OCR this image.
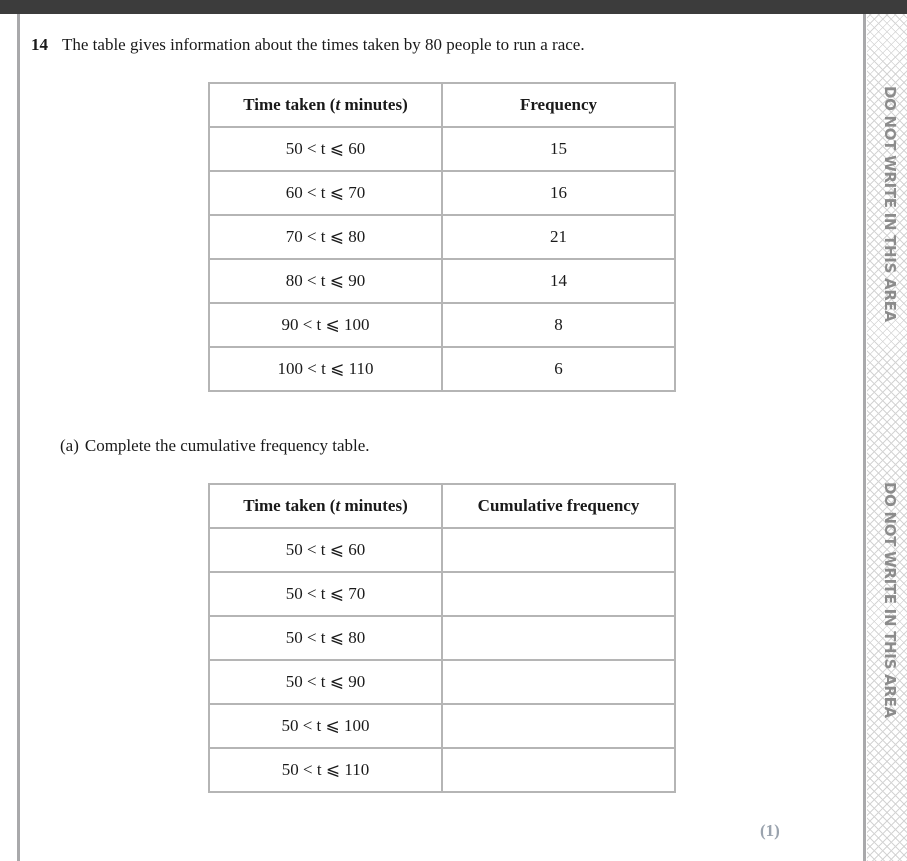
DO NOT WRITE IN THIS AREA
DO NOT WRITE IN THIS AREA
14 The table gives information about the times taken by 80 people to run a race.
Time taken (t minutes)	Frequency
50 < t ⩽ 60	15
60 < t ⩽ 70	16
70 < t ⩽ 80	21
80 < t ⩽ 90	14
90 < t ⩽ 100	8
100 < t ⩽ 110	6
(a) Complete the cumulative frequency table.
Time taken (t minutes)	Cumulative frequency
50 < t ⩽ 60	
50 < t ⩽ 70	
50 < t ⩽ 80	
50 < t ⩽ 90	
50 < t ⩽ 100	
50 < t ⩽ 110	
(1)
